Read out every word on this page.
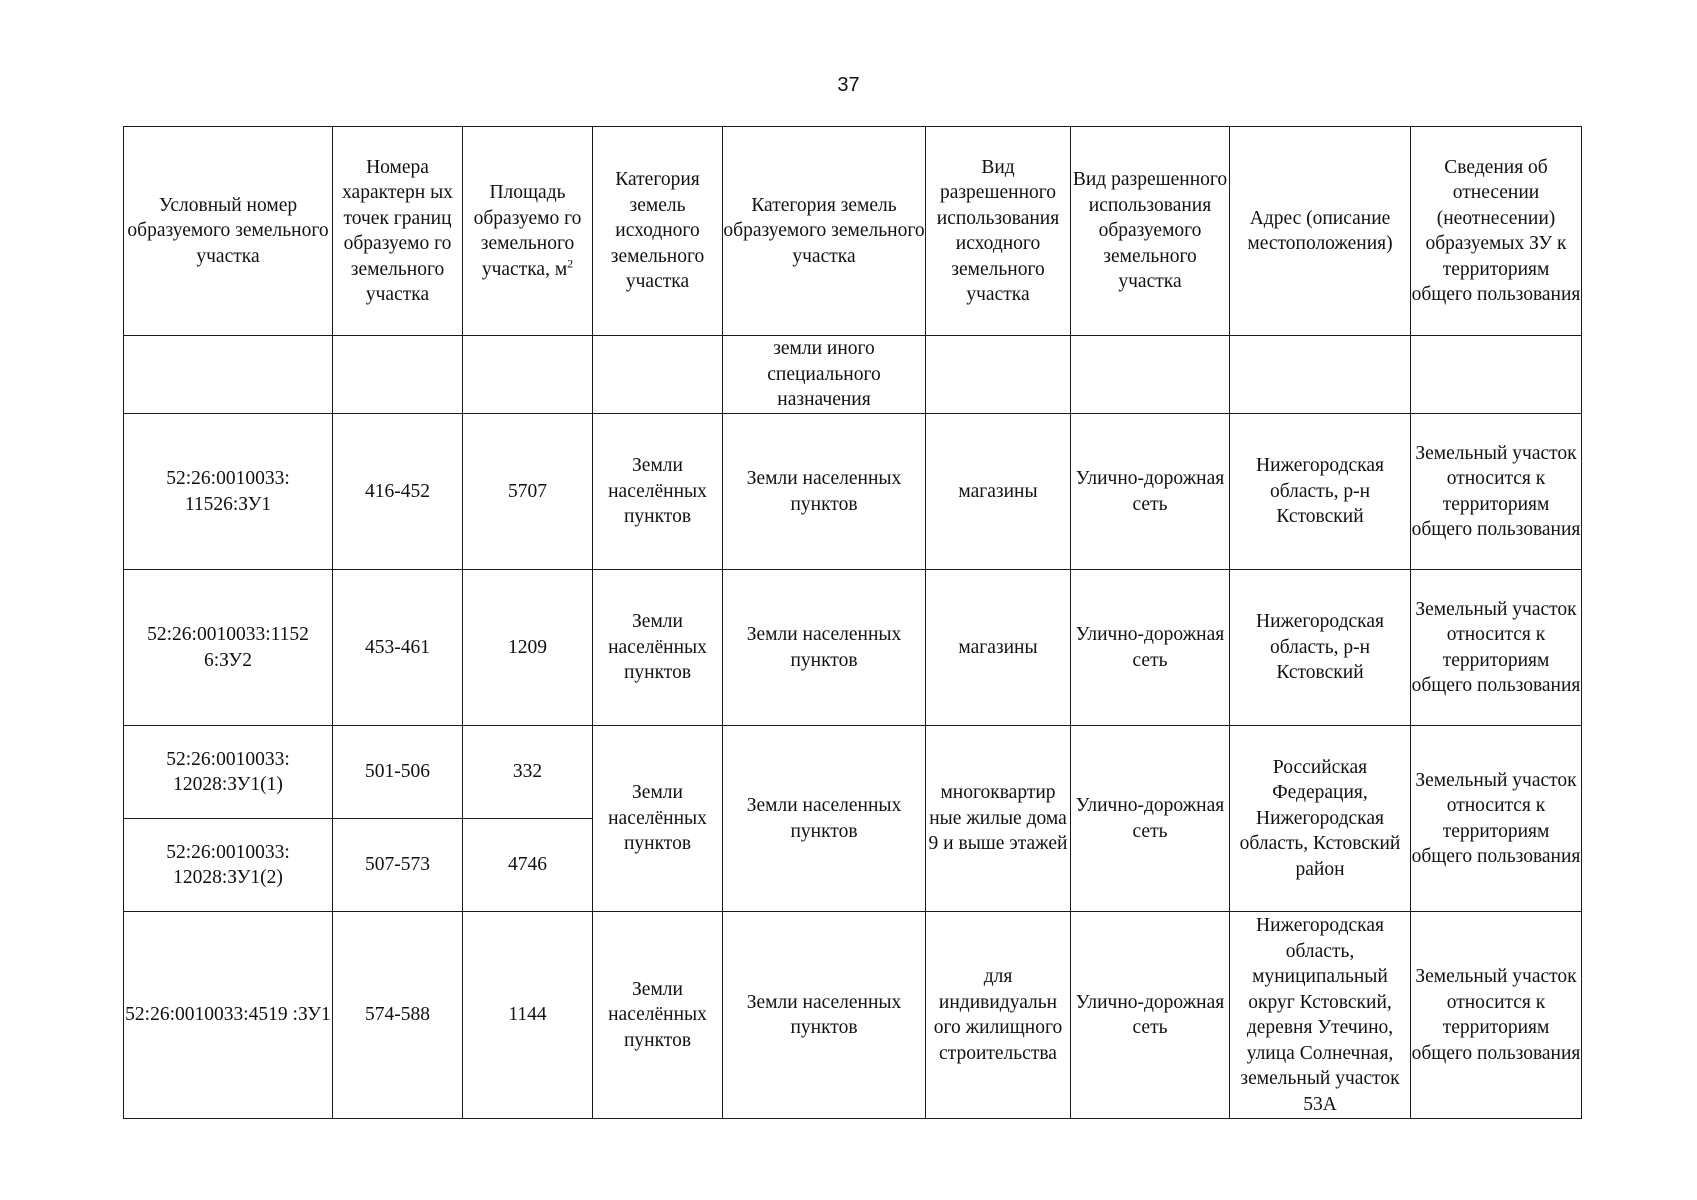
37
Условный номер образуемого земельного участка	Номера характерн ых точек границ образуемо го земельного участка	Площадь образуемо го земельного участка, $м^2$	Категория земель исходного земельного участка	Категория земель образуемого земельного участка	Вид разрешенного использования исходного земельного участка	Вид разрешенного использования образуемого земельного участка	Адрес (описание местоположения)	Сведения об отнесении (неотнесении) образуемых ЗУ к территориям общего пользования

				земли иного специального назначения				

52:26:0010033: 11526:ЗУ1	416-452	5707	Земли населённых пунктов	Земли населенных пунктов	магазины	Улично-дорожная сеть	Нижегородская область, р-н Кстовский	Земельный участок относится к территориям общего пользования
52:26:0010033:1152 6:ЗУ2	453-461	1209	Земли населённых пунктов	Земли населенных пунктов	магазины	Улично-дорожная сеть	Нижегородская область, р-н Кстовский	Земельный участок относится к территориям общего пользования
52:26:0010033: 12028:ЗУ1(1)	501-506	332	Земли населённых пунктов	Земли населенных пунктов	многоквартир ные жилые дома 9 и выше этажей	Улично-дорожная сеть	Российская Федерация, Нижегородская область, Кстовский район	Земельный участок относится к территориям общего пользования
52:26:0010033: 12028:ЗУ1(2)	507-573	4746						
52:26:0010033:4519 :ЗУ1	574-588	1144	Земли населённых пунктов	Земли населенных пунктов	для индивидуальн ого жилищного строительства	Улично-дорожная сеть	Нижегородская область, муниципальный округ Кстовский, деревня Утечино, улица Солнечная, земельный участок 53А	Земельный участок относится к территориям общего пользования
